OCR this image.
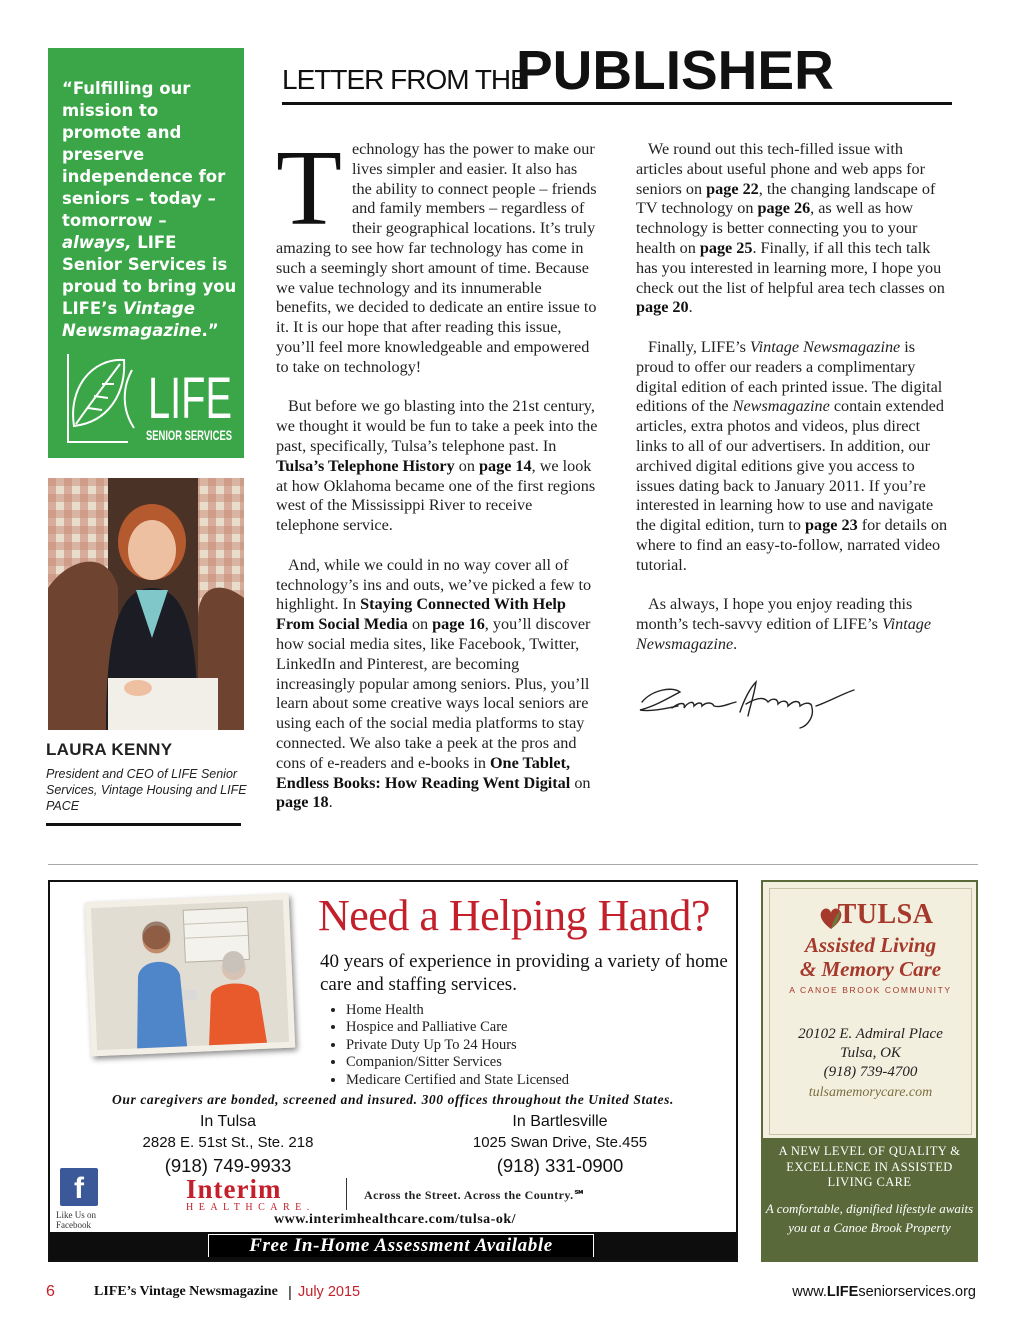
“Fulfilling our mission to promote and preserve independence for seniors – today – tomorrow – always, LIFE Senior Services is proud to bring you LIFE’s Vintage Newsmagazine.”
LIFE
SENIOR SERVICES
LAURA KENNY
President and CEO of LIFE Senior Services, Vintage Housing and LIFE PACE
LETTER FROM THE
PUBLISHER

Technology has the power to make our lives simpler and easier. It also has the ability to connect people – friends and family members – regardless of their geographical locations. It’s truly amazing to see how far technology has come in such a seemingly short amount of time. Because we value technology and its innumerable benefits, we decided to dedicate an entire issue to it. It is our hope that after reading this issue, you’ll feel more knowledgeable and empowered to take on technology!

But before we go blasting into the 21st century, we thought it would be fun to take a peek into the past, specifically, Tulsa’s telephone past. In Tulsa’s Telephone History on page 14, we look at how Oklahoma became one of the first regions west of the Mississippi River to receive telephone service.

And, while we could in no way cover all of technology’s ins and outs, we’ve picked a few to highlight. In Staying Connected With Help From Social Media on page 16, you’ll discover how social media sites, like Facebook, Twitter, LinkedIn and Pinterest, are becoming increasingly popular among seniors. Plus, you’ll learn about some creative ways local seniors are using each of the social media platforms to stay connected. We also take a peek at the pros and cons of e-readers and e-books in One Tablet, Endless Books: How Reading Went Digital on page 18.

We round out this tech-filled issue with articles about useful phone and web apps for seniors on page 22, the changing landscape of TV technology on page 26, as well as how technology is better connecting you to your health on page 25. Finally, if all this tech talk has you interested in learning more, I hope you check out the list of helpful area tech classes on page 20.

Finally, LIFE’s Vintage Newsmagazine is proud to offer our readers a complimentary digital edition of each printed issue. The digital editions of the Newsmagazine contain extended articles, extra photos and videos, plus direct links to all of our advertisers. In addition, our archived digital editions give you access to issues dating back to January 2011. If you’re interested in learning how to use and navigate the digital edition, turn to page 23 for details on where to find an easy-to-follow, narrated video tutorial.

As always, I hope you enjoy reading this month’s tech-savvy edition of LIFE’s Vintage Newsmagazine.

Need a Helping Hand?
40 years of experience in providing a variety of home care and staffing services.
• Home Health
• Hospice and Palliative Care
• Private Duty Up To 24 Hours
• Companion/Sitter Services
• Medicare Certified and State Licensed
Our caregivers are bonded, screened and insured. 300 offices throughout the United States.
In Tulsa
2828 E. 51st St., Ste. 218
(918) 749-9933
In Bartlesville
1025 Swan Drive, Ste.455
(918) 331-0900
f
Like Us on Facebook
Interim
HEALTHCARE.
Across the Street. Across the Country.℠
www.interimhealthcare.com/tulsa-ok/
Free In-Home Assessment Available
TULSA
Assisted Living
& Memory Care
A CANOE BROOK COMMUNITY
20102 E. Admiral Place
Tulsa, OK
(918) 739-4700
tulsamemorycare.com
A NEW LEVEL OF QUALITY & EXCELLENCE IN ASSISTED LIVING CARE
A comfortable, dignified lifestyle awaits you at a Canoe Brook Property
6	LIFE’s Vintage Newsmagazine | July 2015	www.LIFEseniorservices.org
